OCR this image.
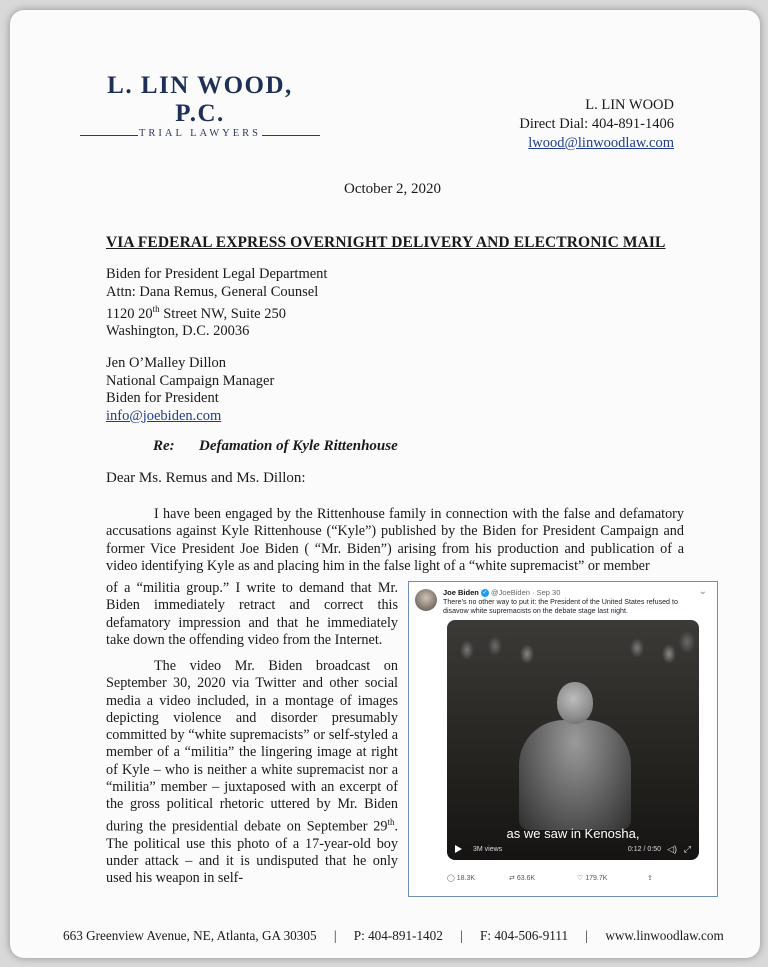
L. LIN WOOD, P.C.
TRIAL LAWYERS
L. LIN WOOD
Direct Dial: 404-891-1406
lwood@linwoodlaw.com
October 2, 2020
VIA FEDERAL EXPRESS OVERNIGHT DELIVERY AND ELECTRONIC MAIL
Biden for President Legal Department
Attn: Dana Remus, General Counsel
1120 20th Street NW, Suite 250
Washington, D.C. 20036
Jen O’Malley Dillon
National Campaign Manager
Biden for President
info@joebiden.com
Re: Defamation of Kyle Rittenhouse
Dear Ms. Remus and Ms. Dillon:
I have been engaged by the Rittenhouse family in connection with the false and defamatory accusations against Kyle Rittenhouse (“Kyle”) published by the Biden for President Campaign and former Vice President Joe Biden ( “Mr. Biden”) arising from his production and publication of a video identifying Kyle as and placing him in the false light of a “white supremacist” or member
of a “militia group.” I write to demand that Mr. Biden immediately retract and correct this defamatory impression and that he immediately take down the offending video from the Internet.
The video Mr. Biden broadcast on September 30, 2020 via Twitter and other social media a video included, in a montage of images depicting violence and disorder presumably committed by “white supremacists” or self-styled a member of a “militia” the lingering image at right of Kyle – who is neither a white supremacist nor a “militia” member – juxtaposed with an excerpt of the gross political rhetoric uttered by Mr. Biden during the presidential debate on September 29th. The political use this photo of a 17-year-old boy under attack – and it is undisputed that he only used his weapon in self-
Joe Biden ✓ @JoeBiden · Sep 30	⌄
There’s no other way to put it: the President of the United States refused to disavow white supremacists on the debate stage last night.
as we saw in Kenosha,
3M views	0:12 / 0:50 ◁) ⤢
◯ 18.3K	⇄ 63.6K	♡ 179.7K	⇪
663 Greenview Avenue, NE, Atlanta, GA 30305 | P: 404-891-1402 | F: 404-506-9111 | www.linwoodlaw.com
